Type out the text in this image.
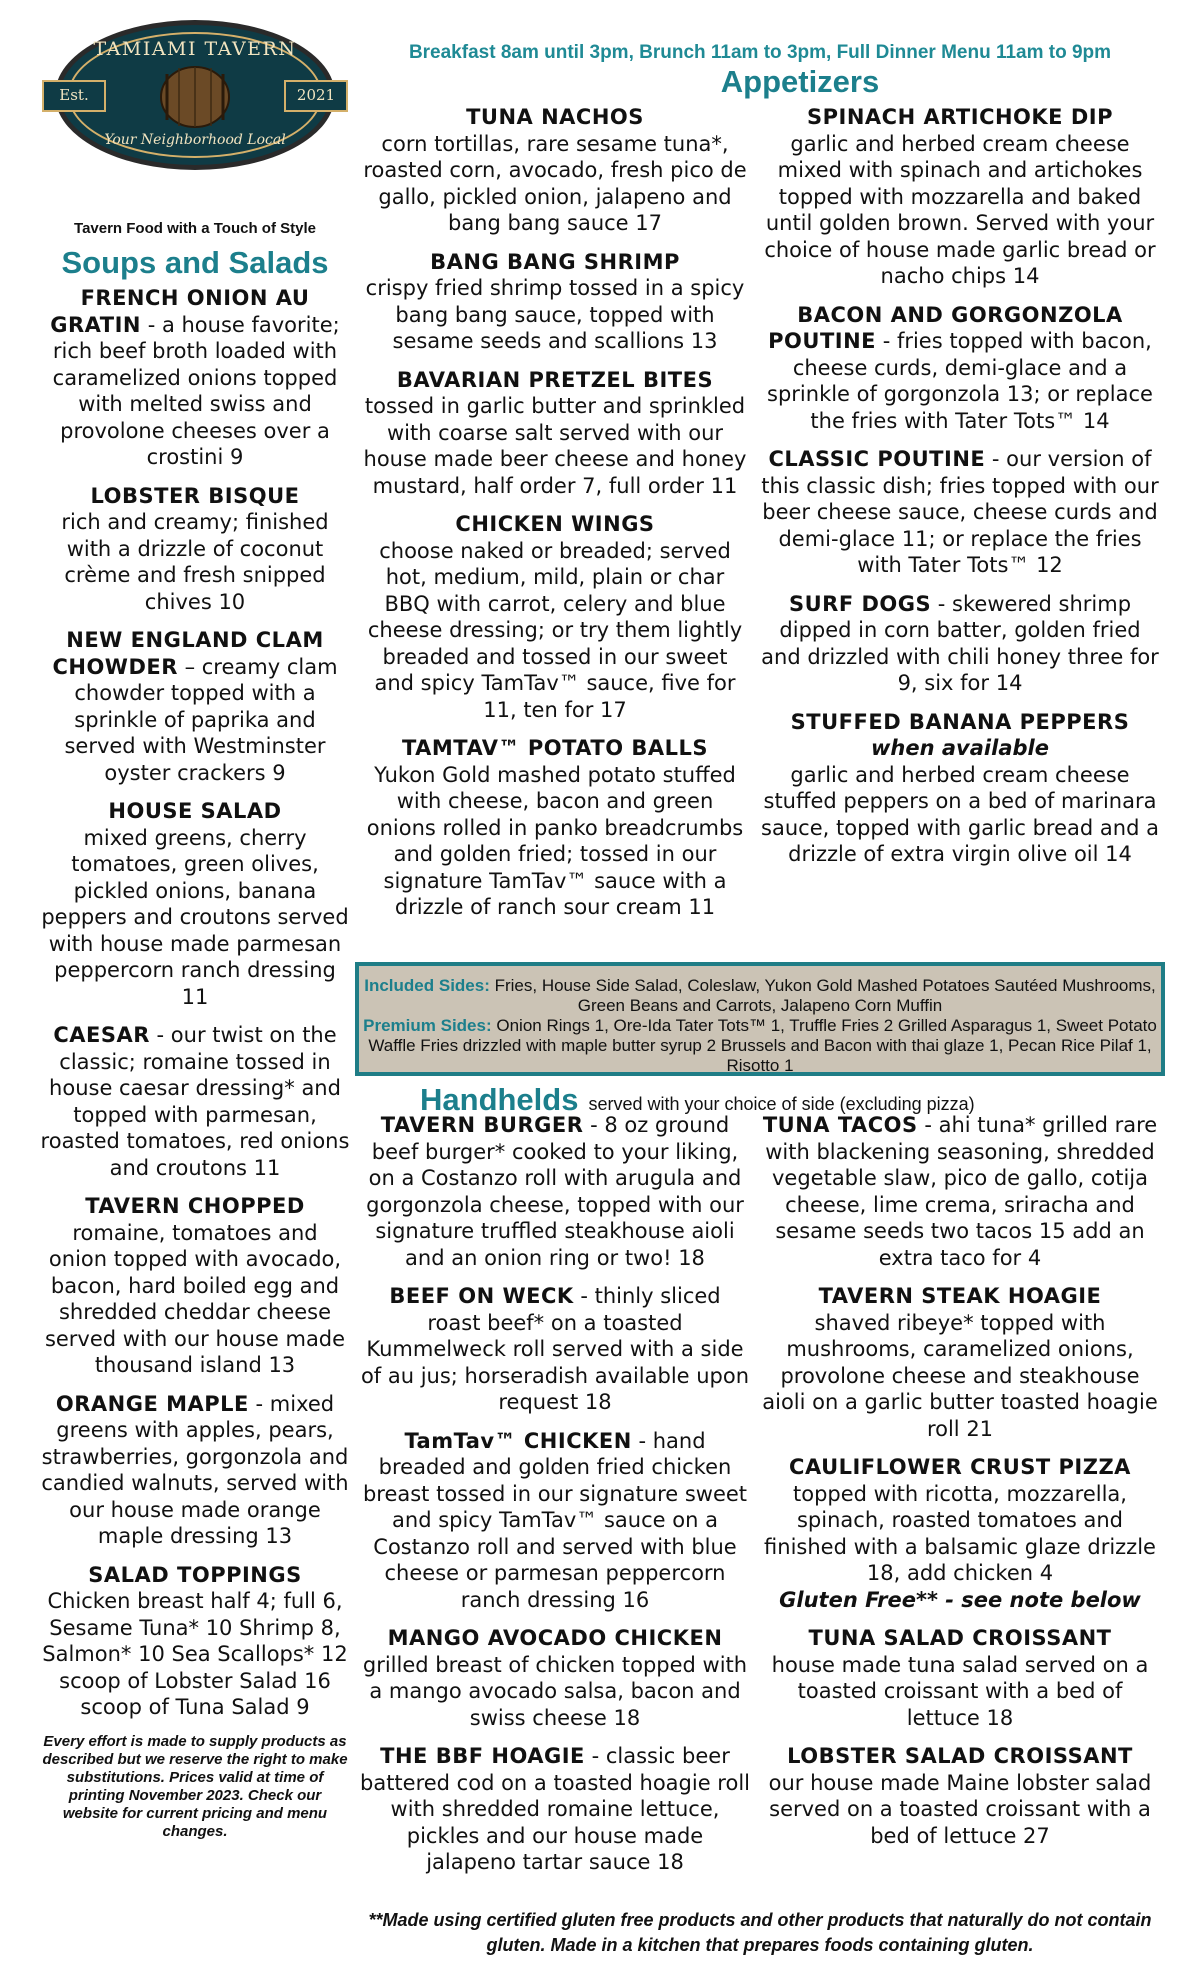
Breakfast 8am until 3pm, Brunch 11am to 3pm, Full Dinner Menu 11am to 9pm
Appetizers
TAMIAMI TAVERN
Est.	2021
Your Neighborhood Local
Tavern Food with a Touch of Style
Soups and Salads
FRENCH ONION AU GRATIN - a house favorite; rich beef broth loaded with caramelized onions topped with melted swiss and provolone cheeses over a crostini 9
LOBSTER BISQUE
rich and creamy; finished with a drizzle of coconut crème and fresh snipped chives 10
NEW ENGLAND CLAM CHOWDER – creamy clam chowder topped with a sprinkle of paprika and served with Westminster oyster crackers 9
HOUSE SALAD
mixed greens, cherry tomatoes, green olives, pickled onions, banana peppers and croutons served with house made parmesan peppercorn ranch dressing 11
CAESAR - our twist on the classic; romaine tossed in house caesar dressing* and topped with parmesan, roasted tomatoes, red onions and croutons 11
TAVERN CHOPPED
romaine, tomatoes and onion topped with avocado, bacon, hard boiled egg and shredded cheddar cheese served with our house made thousand island 13
ORANGE MAPLE - mixed greens with apples, pears, strawberries, gorgonzola and candied walnuts, served with our house made orange maple dressing 13
SALAD TOPPINGS
Chicken breast half 4; full 6, Sesame Tuna* 10 Shrimp 8, Salmon* 10 Sea Scallops* 12 scoop of Lobster Salad 16 scoop of Tuna Salad 9
Every effort is made to supply products as described but we reserve the right to make substitutions. Prices valid at time of printing November 2023. Check our website for current pricing and menu changes.
TUNA NACHOS
corn tortillas, rare sesame tuna*, roasted corn, avocado, fresh pico de gallo, pickled onion, jalapeno and bang bang sauce 17
BANG BANG SHRIMP
crispy fried shrimp tossed in a spicy bang bang sauce, topped with sesame seeds and scallions 13
BAVARIAN PRETZEL BITES
tossed in garlic butter and sprinkled with coarse salt served with our house made beer cheese and honey mustard, half order 7, full order 11
CHICKEN WINGS
choose naked or breaded; served hot, medium, mild, plain or char BBQ with carrot, celery and blue cheese dressing; or try them lightly breaded and tossed in our sweet and spicy TamTav™ sauce, five for 11, ten for 17
TAMTAV™ POTATO BALLS
Yukon Gold mashed potato stuffed with cheese, bacon and green onions rolled in panko breadcrumbs and golden fried; tossed in our signature TamTav™ sauce with a drizzle of ranch sour cream 11
SPINACH ARTICHOKE DIP
garlic and herbed cream cheese mixed with spinach and artichokes topped with mozzarella and baked until golden brown. Served with your choice of house made garlic bread or nacho chips 14
BACON AND GORGONZOLA POUTINE - fries topped with bacon, cheese curds, demi-glace and a sprinkle of gorgonzola 13; or replace the fries with Tater Tots™ 14
CLASSIC POUTINE - our version of this classic dish; fries topped with our beer cheese sauce, cheese curds and demi-glace 11; or replace the fries with Tater Tots™ 12
SURF DOGS - skewered shrimp dipped in corn batter, golden fried and drizzled with chili honey three for 9, six for 14
STUFFED BANANA PEPPERS
when available
garlic and herbed cream cheese stuffed peppers on a bed of marinara sauce, topped with garlic bread and a drizzle of extra virgin olive oil 14
Included Sides: Fries, House Side Salad, Coleslaw, Yukon Gold Mashed Potatoes Sautéed Mushrooms, Green Beans and Carrots, Jalapeno Corn Muffin
Premium Sides: Onion Rings 1, Ore-Ida Tater Tots™ 1, Truffle Fries 2 Grilled Asparagus 1, Sweet Potato Waffle Fries drizzled with maple butter syrup 2 Brussels and Bacon with thai glaze 1, Pecan Rice Pilaf 1, Risotto 1
Handhelds served with your choice of side (excluding pizza)
TAVERN BURGER - 8 oz ground beef burger* cooked to your liking, on a Costanzo roll with arugula and gorgonzola cheese, topped with our signature truffled steakhouse aioli and an onion ring or two! 18
BEEF ON WECK - thinly sliced roast beef* on a toasted Kummelweck roll served with a side of au jus; horseradish available upon request 18
TamTav™ CHICKEN - hand breaded and golden fried chicken breast tossed in our signature sweet and spicy TamTav™ sauce on a Costanzo roll and served with blue cheese or parmesan peppercorn ranch dressing 16
MANGO AVOCADO CHICKEN
grilled breast of chicken topped with a mango avocado salsa, bacon and swiss cheese 18
THE BBF HOAGIE - classic beer battered cod on a toasted hoagie roll with shredded romaine lettuce, pickles and our house made jalapeno tartar sauce 18
TUNA TACOS - ahi tuna* grilled rare with blackening seasoning, shredded vegetable slaw, pico de gallo, cotija cheese, lime crema, sriracha and sesame seeds two tacos 15 add an extra taco for 4
TAVERN STEAK HOAGIE
shaved ribeye* topped with mushrooms, caramelized onions, provolone cheese and steakhouse aioli on a garlic butter toasted hoagie roll 21
CAULIFLOWER CRUST PIZZA
topped with ricotta, mozzarella, spinach, roasted tomatoes and finished with a balsamic glaze drizzle 18, add chicken 4
Gluten Free** - see note below
TUNA SALAD CROISSANT
house made tuna salad served on a toasted croissant with a bed of lettuce 18
LOBSTER SALAD CROISSANT
our house made Maine lobster salad served on a toasted croissant with a bed of lettuce 27
**Made using certified gluten free products and other products that naturally do not contain gluten. Made in a kitchen that prepares foods containing gluten.
